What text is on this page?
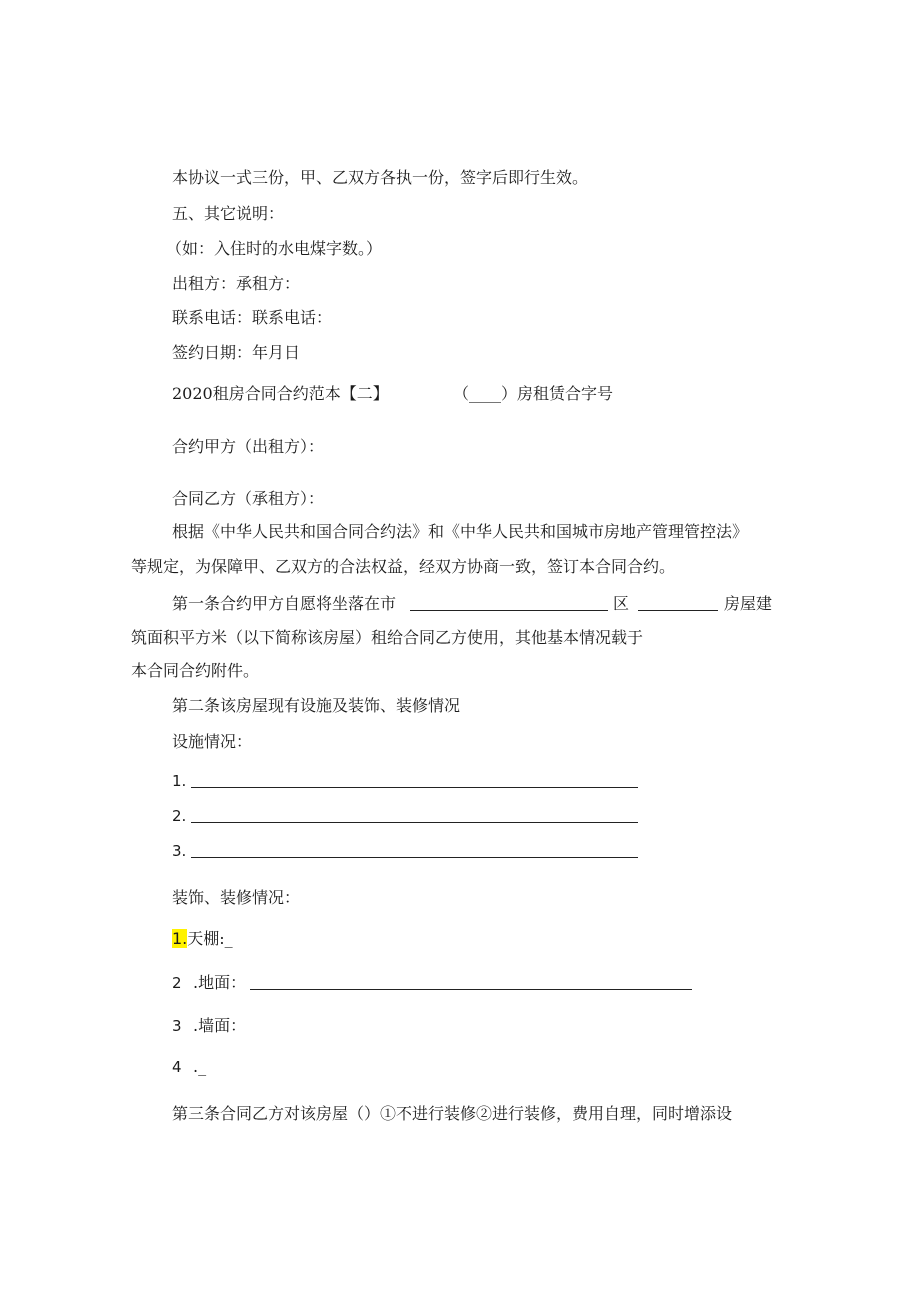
本协议一式三份，甲、乙双方各执一份，签字后即行生效。
五、其它说明：
（如：入住时的水电煤字数。）
出租方：承租方：
联系电话：联系电话：
签约日期：年月日
2020租房合同合约范本【二】	（____）房租赁合字号
合约甲方（出租方）：
合同乙方（承租方）：
根据《中华人民共和国合同合约法》和《中华人民共和国城市房地产管理管控法》
等规定，为保障甲、乙双方的合法权益，经双方协商一致，签订本合同合约。
第一条合约甲方自愿将坐落在市	区	房屋建
筑面积平方米（以下简称该房屋）租给合同乙方使用，其他基本情况载于
本合同合约附件。
第二条该房屋现有设施及装饰、装修情况
设施情况：
1.
2.
3.
装饰、装修情况：
1.天棚:_
2 .地面：
3 .墙面：
4 ._
第三条合同乙方对该房屋（）①不进行装修②进行装修，费用自理，同时增添设
